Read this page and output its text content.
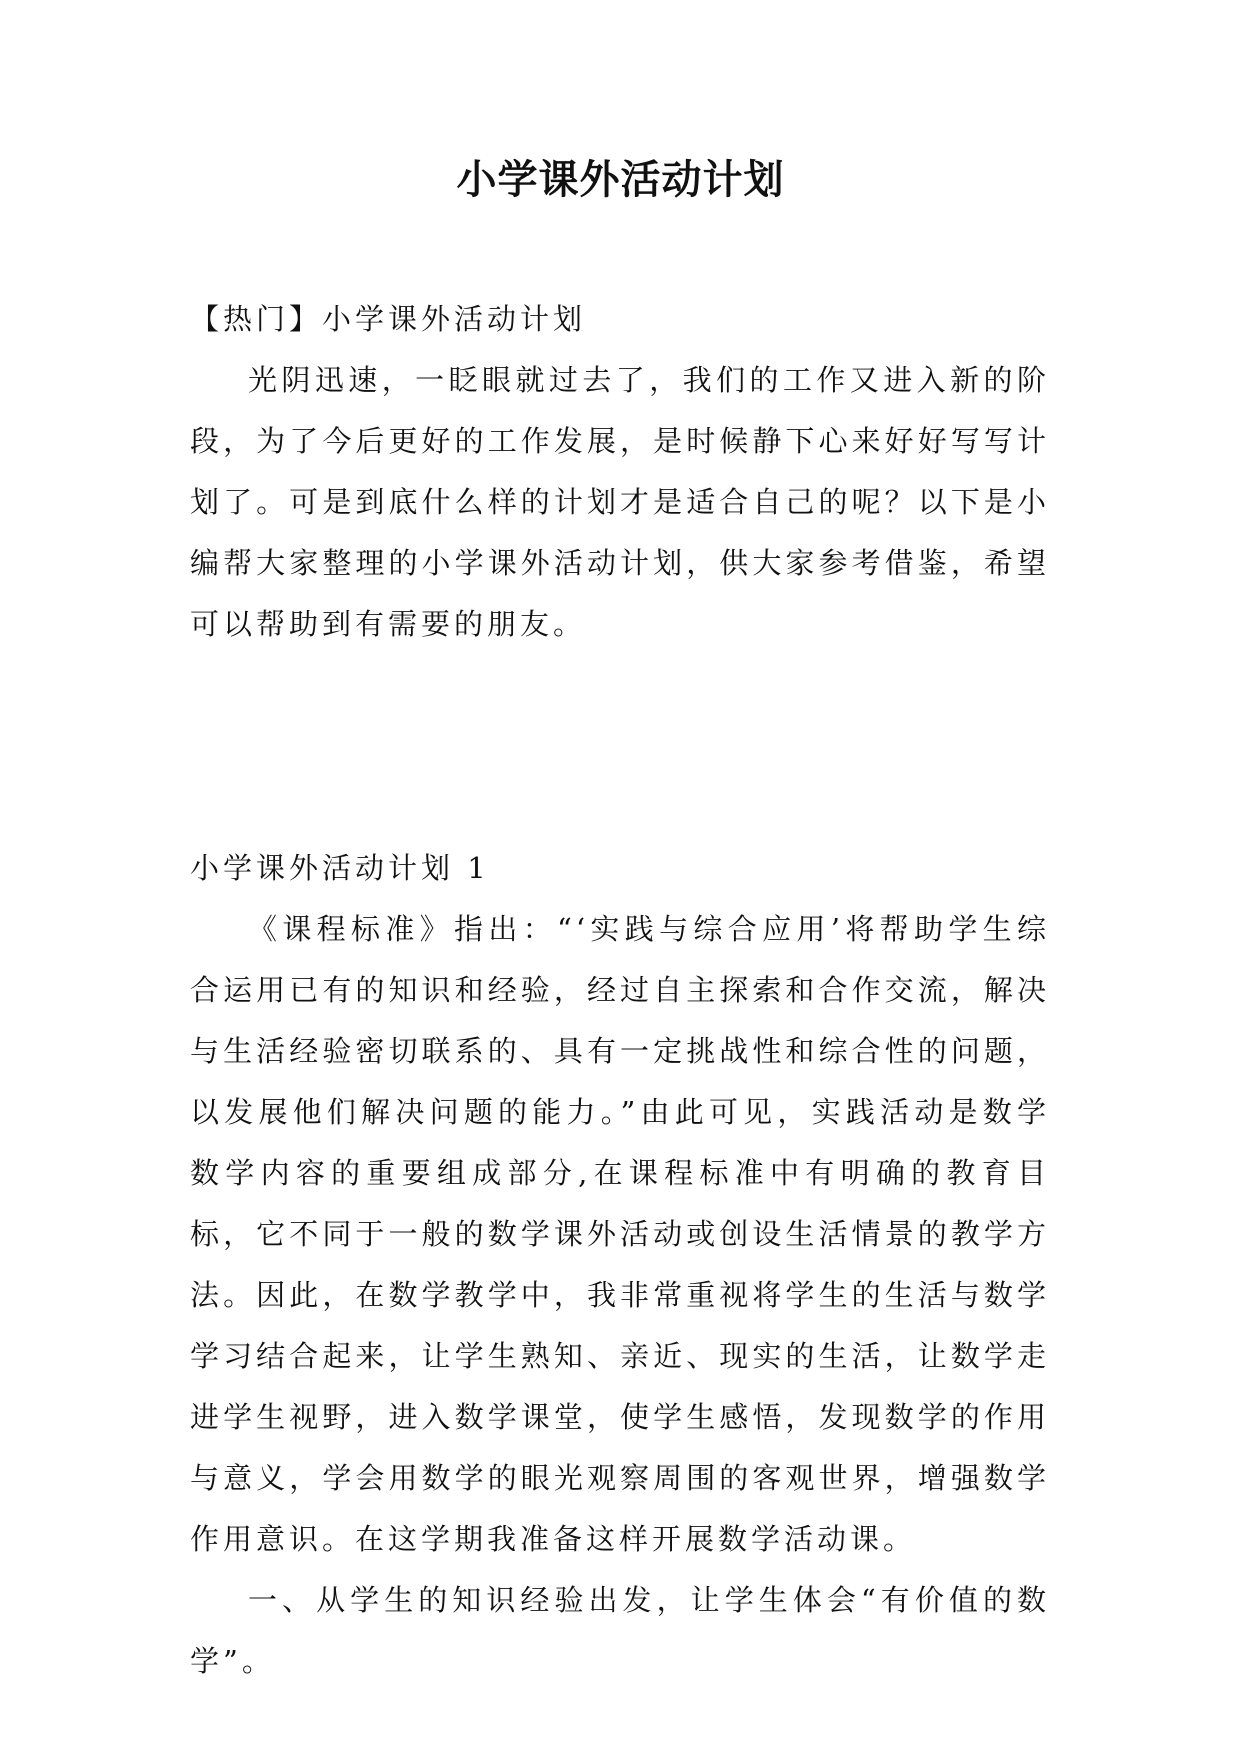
小学课外活动计划

【热门】小学课外活动计划

光阴迅速，一眨眼就过去了，我们的工作又进入新的阶段，为了今后更好的工作发展，是时候静下心来好好写写计划了。可是到底什么样的计划才是适合自己的呢？以下是小编帮大家整理的小学课外活动计划，供大家参考借鉴，希望可以帮助到有需要的朋友。

小学课外活动计划 1

《课程标准》指出：“‘实践与综合应用’将帮助学生综合运用已有的知识和经验，经过自主探索和合作交流，解决与生活经验密切联系的、具有一定挑战性和综合性的问题，以发展他们解决问题的能力。”由此可见，实践活动是数学数学内容的重要组成部分,在课程标准中有明确的教育目标，它不同于一般的数学课外活动或创设生活情景的教学方法。因此，在数学教学中，我非常重视将学生的生活与数学学习结合起来，让学生熟知、亲近、现实的生活，让数学走进学生视野，进入数学课堂，使学生感悟，发现数学的作用与意义，学会用数学的眼光观察周围的客观世界，增强数学作用意识。在这学期我准备这样开展数学活动课。

一、从学生的知识经验出发，让学生体会“有价值的数学”。
